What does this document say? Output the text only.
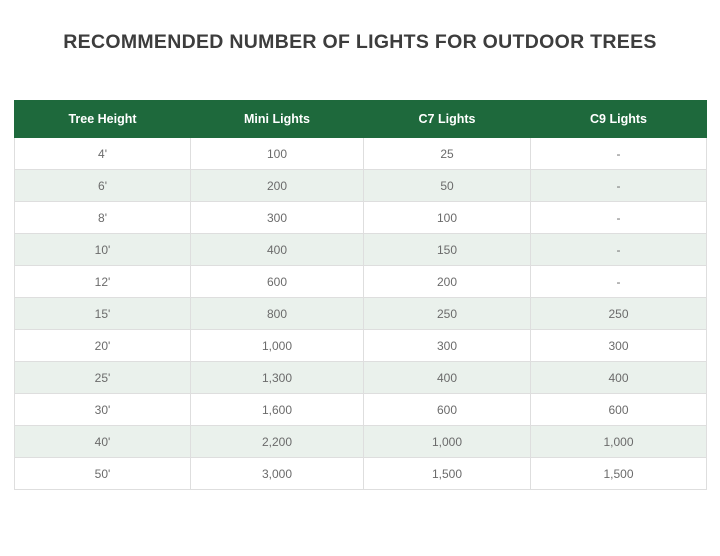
RECOMMENDED NUMBER OF LIGHTS FOR OUTDOOR TREES
Tree Height	Mini Lights	C7 Lights	C9 Lights
4'	100	25	-
6'	200	50	-
8'	300	100	-
10'	400	150	-
12'	600	200	-
15'	800	250	250
20'	1,000	300	300
25'	1,300	400	400
30'	1,600	600	600
40'	2,200	1,000	1,000
50'	3,000	1,500	1,500
